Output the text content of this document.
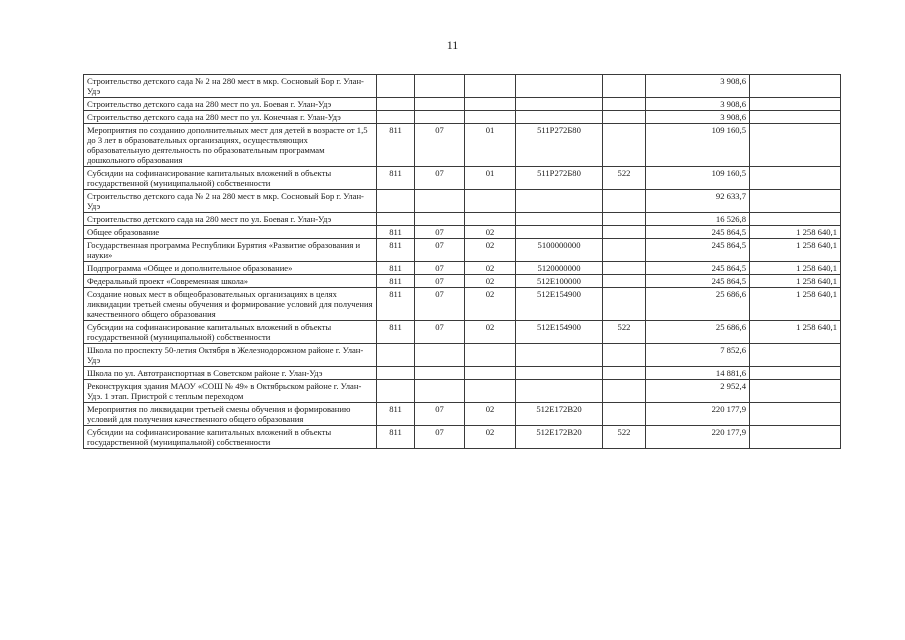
11
Строительство детского сада № 2 на 280 мест в мкр. Сосновый Бор г. Улан-Удэ						3 908,6	
Строительство детского сада на 280 мест по ул. Боевая г. Улан-Удэ						3 908,6	
Строительство детского сада на 280 мест по ул. Конечная г. Улан-Удэ						3 908,6	
Мероприятия по созданию дополнительных мест для детей в возрасте от 1,5 до 3 лет в образовательных организациях, осуществляющих образовательную деятельность по образовательным программам дошкольного образования	811	07	01	511P272Б80		109 160,5	
Субсидии на софинансирование капитальных вложений в объекты государственной (муниципальной) собственности	811	07	01	511P272Б80	522	109 160,5	
Строительство детского сада № 2 на 280 мест в мкр. Сосновый Бор г. Улан-Удэ						92 633,7	
Строительство детского сада на 280 мест по ул. Боевая г. Улан-Удэ						16 526,8	
Общее образование	811	07	02			245 864,5	1 258 640,1
Государственная программа Республики Бурятия «Развитие образования и науки»	811	07	02	5100000000		245 864,5	1 258 640,1
Подпрограмма «Общее и дополнительное образование»	811	07	02	5120000000		245 864,5	1 258 640,1
Федеральный проект «Современная школа»	811	07	02	512E100000		245 864,5	1 258 640,1
Создание новых мест в общеобразовательных организациях в целях ликвидации третьей смены обучения и формирование условий для получения качественного общего образования	811	07	02	512E154900		25 686,6	1 258 640,1
Субсидии на софинансирование капитальных вложений в объекты государственной (муниципальной) собственности	811	07	02	512E154900	522	25 686,6	1 258 640,1
Школа по проспекту 50-летия Октября в Железнодорожном районе г. Улан-Удэ						7 852,6	
Школа по ул. Автотранспортная в Советском районе г. Улан-Удэ						14 881,6	
Реконструкция здания МАОУ «СОШ № 49» в Октябрьском районе г. Улан-Удэ. 1 этап. Пристрой с теплым переходом						2 952,4	
Мероприятия по ликвидации третьей смены обучения и формированию условий для получения качественного общего образования	811	07	02	512E172B20		220 177,9	
Субсидии на софинансирование капитальных вложений в объекты государственной (муниципальной) собственности	811	07	02	512E172B20	522	220 177,9	
